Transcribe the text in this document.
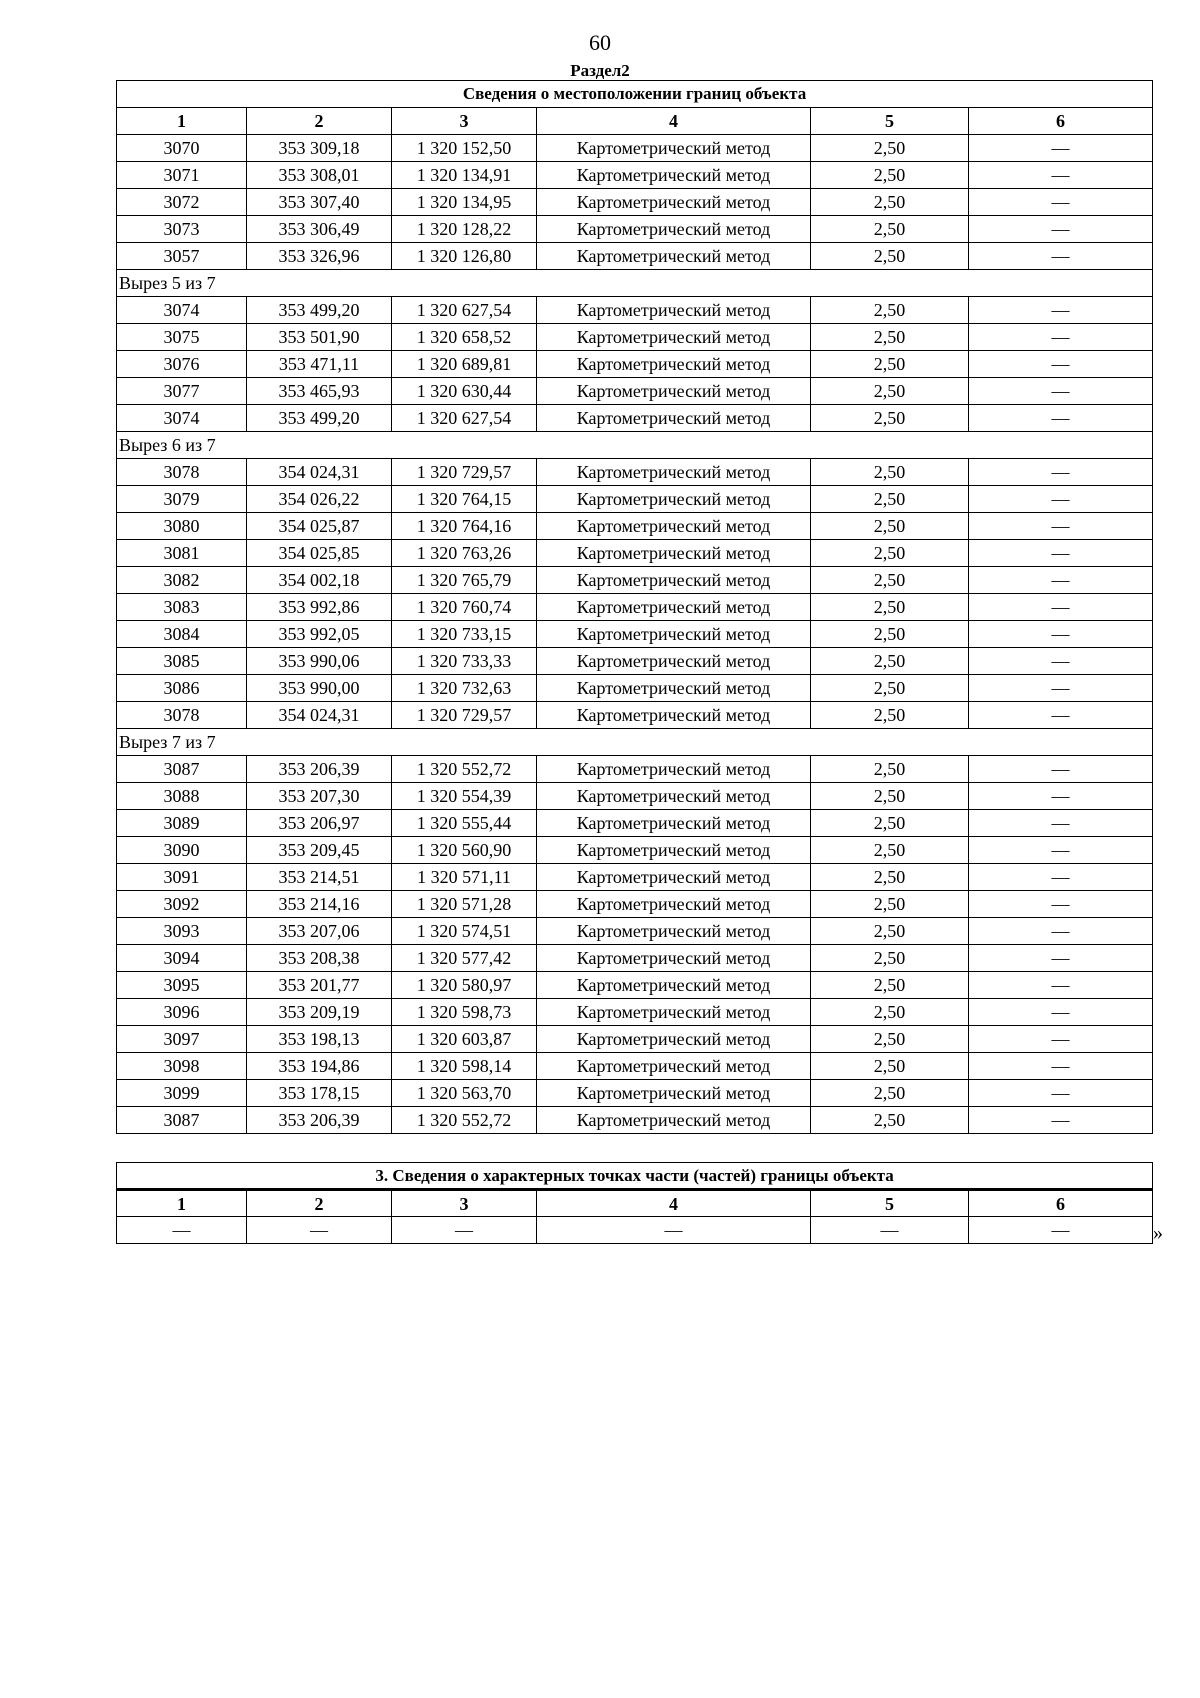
60
Раздел2
Сведения о местоположении границ объекта					
1	2	3	4	5	6
3070	353 309,18	1 320 152,50	Картометрический метод	2,50	—
3071	353 308,01	1 320 134,91	Картометрический метод	2,50	—
3072	353 307,40	1 320 134,95	Картометрический метод	2,50	—
3073	353 306,49	1 320 128,22	Картометрический метод	2,50	—
3057	353 326,96	1 320 126,80	Картометрический метод	2,50	—
Вырез 5 из 7					
3074	353 499,20	1 320 627,54	Картометрический метод	2,50	—
3075	353 501,90	1 320 658,52	Картометрический метод	2,50	—
3076	353 471,11	1 320 689,81	Картометрический метод	2,50	—
3077	353 465,93	1 320 630,44	Картометрический метод	2,50	—
3074	353 499,20	1 320 627,54	Картометрический метод	2,50	—
Вырез 6 из 7					
3078	354 024,31	1 320 729,57	Картометрический метод	2,50	—
3079	354 026,22	1 320 764,15	Картометрический метод	2,50	—
3080	354 025,87	1 320 764,16	Картометрический метод	2,50	—
3081	354 025,85	1 320 763,26	Картометрический метод	2,50	—
3082	354 002,18	1 320 765,79	Картометрический метод	2,50	—
3083	353 992,86	1 320 760,74	Картометрический метод	2,50	—
3084	353 992,05	1 320 733,15	Картометрический метод	2,50	—
3085	353 990,06	1 320 733,33	Картометрический метод	2,50	—
3086	353 990,00	1 320 732,63	Картометрический метод	2,50	—
3078	354 024,31	1 320 729,57	Картометрический метод	2,50	—
Вырез 7 из 7					
3087	353 206,39	1 320 552,72	Картометрический метод	2,50	—
3088	353 207,30	1 320 554,39	Картометрический метод	2,50	—
3089	353 206,97	1 320 555,44	Картометрический метод	2,50	—
3090	353 209,45	1 320 560,90	Картометрический метод	2,50	—
3091	353 214,51	1 320 571,11	Картометрический метод	2,50	—
3092	353 214,16	1 320 571,28	Картометрический метод	2,50	—
3093	353 207,06	1 320 574,51	Картометрический метод	2,50	—
3094	353 208,38	1 320 577,42	Картометрический метод	2,50	—
3095	353 201,77	1 320 580,97	Картометрический метод	2,50	—
3096	353 209,19	1 320 598,73	Картометрический метод	2,50	—
3097	353 198,13	1 320 603,87	Картометрический метод	2,50	—
3098	353 194,86	1 320 598,14	Картометрический метод	2,50	—
3099	353 178,15	1 320 563,70	Картометрический метод	2,50	—
3087	353 206,39	1 320 552,72	Картометрический метод	2,50	—
3. Сведения о характерных точках части (частей) границы объекта					
1	2	3	4	5	6
—	—	—	—	—	—	»
